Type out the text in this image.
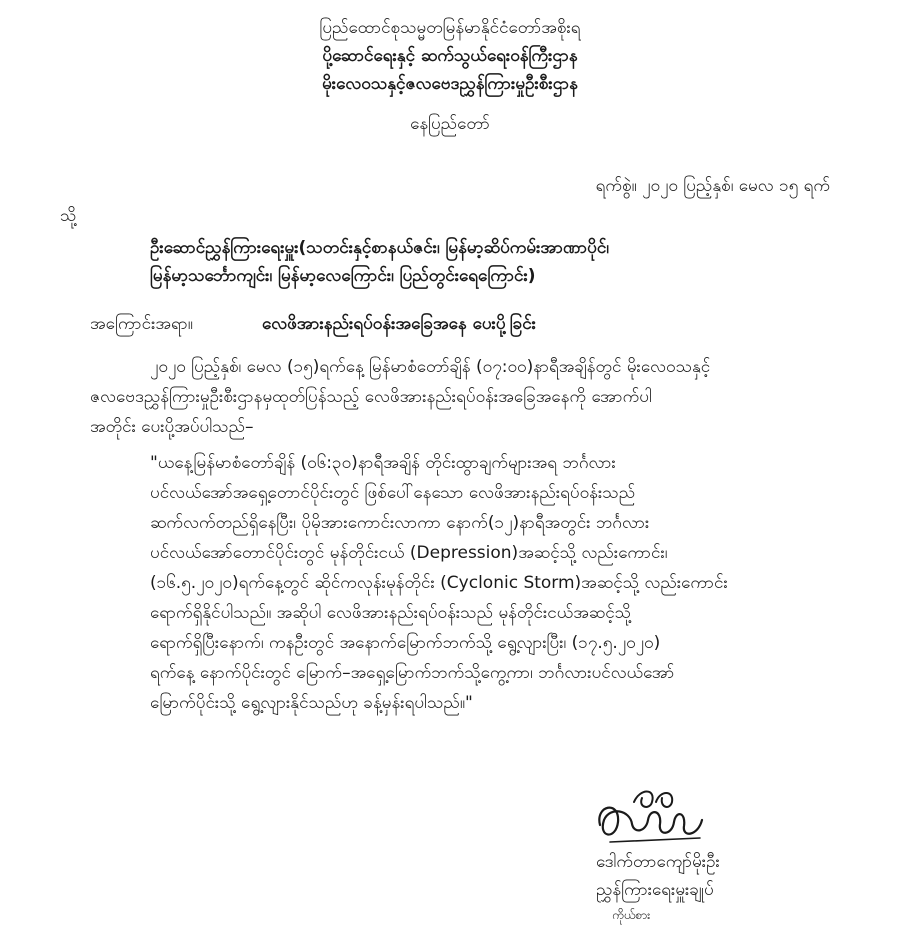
ပြည်ထောင်စုသမ္မတမြန်မာနိုင်ငံတော်အစိုးရ
ပို့ဆောင်ရေးနှင့် ဆက်သွယ်ရေးဝန်ကြီးဌာန
မိုးလေဝသနှင့်ဇလဗေဒညွှန်ကြားမှုဦးစီးဌာန
နေပြည်တော်
ရက်စွဲ။ ၂၀၂၀ ပြည့်နှစ်၊ မေလ ၁၅ ရက်
သို့
ဦးဆောင်ညွှန်ကြားရေးမှူး(သတင်းနှင့်စာနယ်ဇင်း၊ မြန်မာ့ဆိပ်ကမ်းအာဏာပိုင်၊
မြန်မာ့သင်္ဘောကျင်း၊ မြန်မာ့လေကြောင်း၊ ပြည်တွင်းရေကြောင်း)
အကြောင်းအရာ။	လေဖိအားနည်းရပ်ဝန်းအခြေအနေ ပေးပို့ခြင်း
၂၀၂၀ ပြည့်နှစ်၊ မေလ (၁၅)ရက်နေ့ မြန်မာစံတော်ချိန် (၀၇:၀၀)နာရီအချိန်တွင် မိုးလေဝသနှင့်
ဇလဗေဒညွှန်ကြားမှုဦးစီးဌာနမှထုတ်ပြန်သည့် လေဖိအားနည်းရပ်ဝန်းအခြေအနေကို အောက်ပါ
အတိုင်း ပေးပို့အပ်ပါသည်–
"ယနေ့မြန်မာစံတော်ချိန် (၀၆:၃၀)နာရီအချိန် တိုင်းထွာချက်များအရ ဘင်္ဂလား
ပင်လယ်အော်အရှေ့တောင်ပိုင်းတွင် ဖြစ်ပေါ်နေသော လေဖိအားနည်းရပ်ဝန်းသည်
ဆက်လက်တည်ရှိနေပြီး၊ ပိုမိုအားကောင်းလာကာ နောက်(၁၂)နာရီအတွင်း ဘင်္ဂလား
ပင်လယ်အော်တောင်ပိုင်းတွင် မုန်တိုင်းငယ် (Depression)အဆင့်သို့ လည်းကောင်း၊
(၁၆.၅.၂၀၂၀)ရက်နေ့တွင် ဆိုင်ကလုန်းမုန်တိုင်း (Cyclonic Storm)အဆင့်သို့ လည်းကောင်း
ရောက်ရှိနိုင်ပါသည်။ အဆိုပါ လေဖိအားနည်းရပ်ဝန်းသည် မုန်တိုင်းငယ်အဆင့်သို့
ရောက်ရှိပြီးနောက်၊ ကနဦးတွင် အနောက်မြောက်ဘက်သို့ ရွေ့လျားပြီး၊ (၁၇.၅.၂၀၂၀)
ရက်နေ့ နောက်ပိုင်းတွင် မြောက်–အရှေ့မြောက်ဘက်သို့ကွေ့ကာ၊ ဘင်္ဂလားပင်လယ်အော်
မြောက်ပိုင်းသို့ ရွေ့လျားနိုင်သည်ဟု ခန့်မှန်းရပါသည်။"
ဒေါက်တာကျော်မိုးဦး
ညွှန်ကြားရေးမှူးချုပ်
ကိုယ်စား
